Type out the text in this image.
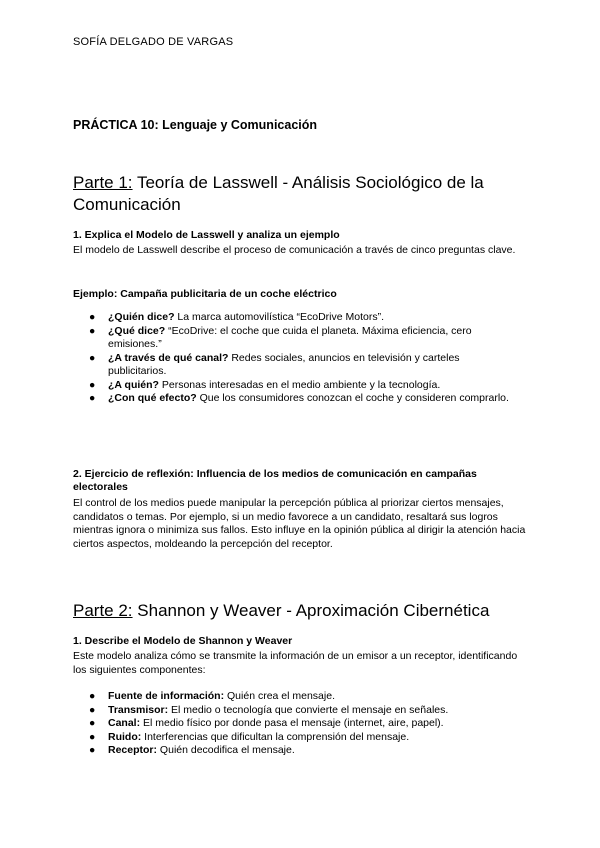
SOFÍA DELGADO DE VARGAS
PRÁCTICA 10: Lenguaje y Comunicación
Parte 1: Teoría de Lasswell - Análisis Sociológico de la Comunicación
1. Explica el Modelo de Lasswell y analiza un ejemplo

El modelo de Lasswell describe el proceso de comunicación a través de cinco preguntas clave.

Ejemplo: Campaña publicitaria de un coche eléctrico
● ¿Quién dice? La marca automovilística “EcoDrive Motors”.
● ¿Qué dice? “EcoDrive: el coche que cuida el planeta. Máxima eficiencia, cero emisiones.”
● ¿A través de qué canal? Redes sociales, anuncios en televisión y carteles publicitarios.
● ¿A quién? Personas interesadas en el medio ambiente y la tecnología.
● ¿Con qué efecto? Que los consumidores conozcan el coche y consideren comprarlo.
2. Ejercicio de reflexión: Influencia de los medios de comunicación en campañas electorales

El control de los medios puede manipular la percepción pública al priorizar ciertos mensajes, candidatos o temas. Por ejemplo, si un medio favorece a un candidato, resaltará sus logros mientras ignora o minimiza sus fallos. Esto influye en la opinión pública al dirigir la atención hacia ciertos aspectos, moldeando la percepción del receptor.

Parte 2: Shannon y Weaver - Aproximación Cibernética
1. Describe el Modelo de Shannon y Weaver

Este modelo analiza cómo se transmite la información de un emisor a un receptor, identificando los siguientes componentes:

● Fuente de información: Quién crea el mensaje.
● Transmisor: El medio o tecnología que convierte el mensaje en señales.
● Canal: El medio físico por donde pasa el mensaje (internet, aire, papel).
● Ruido: Interferencias que dificultan la comprensión del mensaje.
● Receptor: Quién decodifica el mensaje.
